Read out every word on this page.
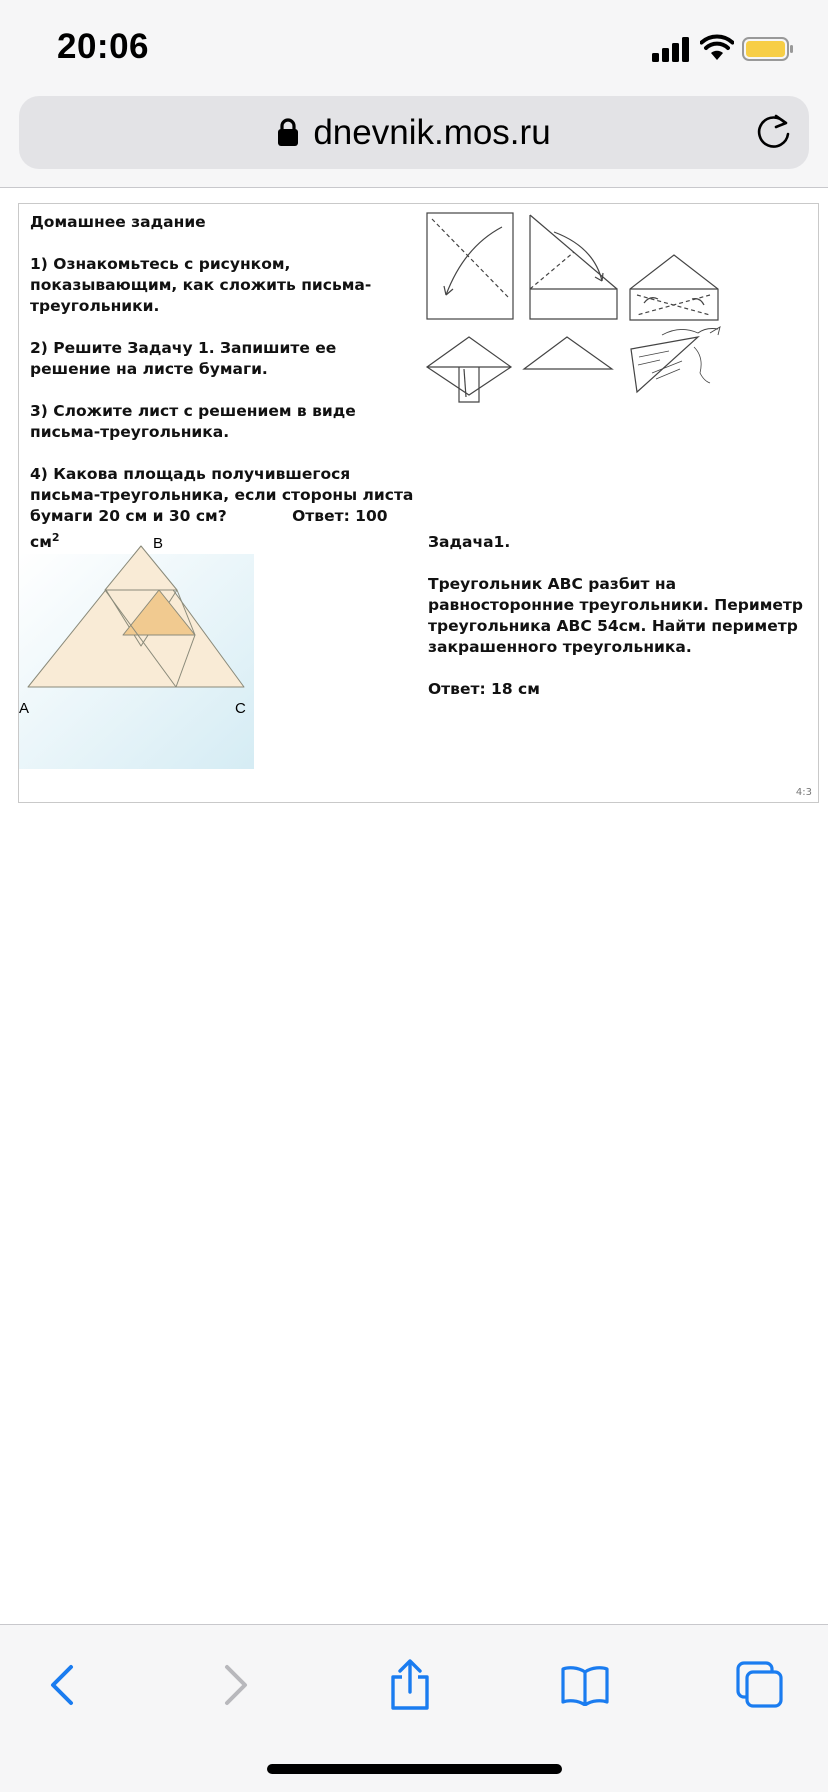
20:06
dnevnik.mos.ru
Домашнее задание

1) Ознакомьтесь с рисунком, показывающим, как сложить письма-треугольники.

2) Решите Задачу 1. Запишите ее решение на листе бумаги.

3) Сложите лист с решением в виде письма-треугольника.

4) Какова площадь получившегося письма-треугольника, если стороны листа бумаги 20 см и 30 см?	Ответ: 100 $см^2$	B
A	C

Задача1.

Треугольник АВС разбит на равносторонние треугольники. Периметр треугольника АВС 54см. Найти периметр закрашенного треугольника.

Ответ: 18 см

4:3
